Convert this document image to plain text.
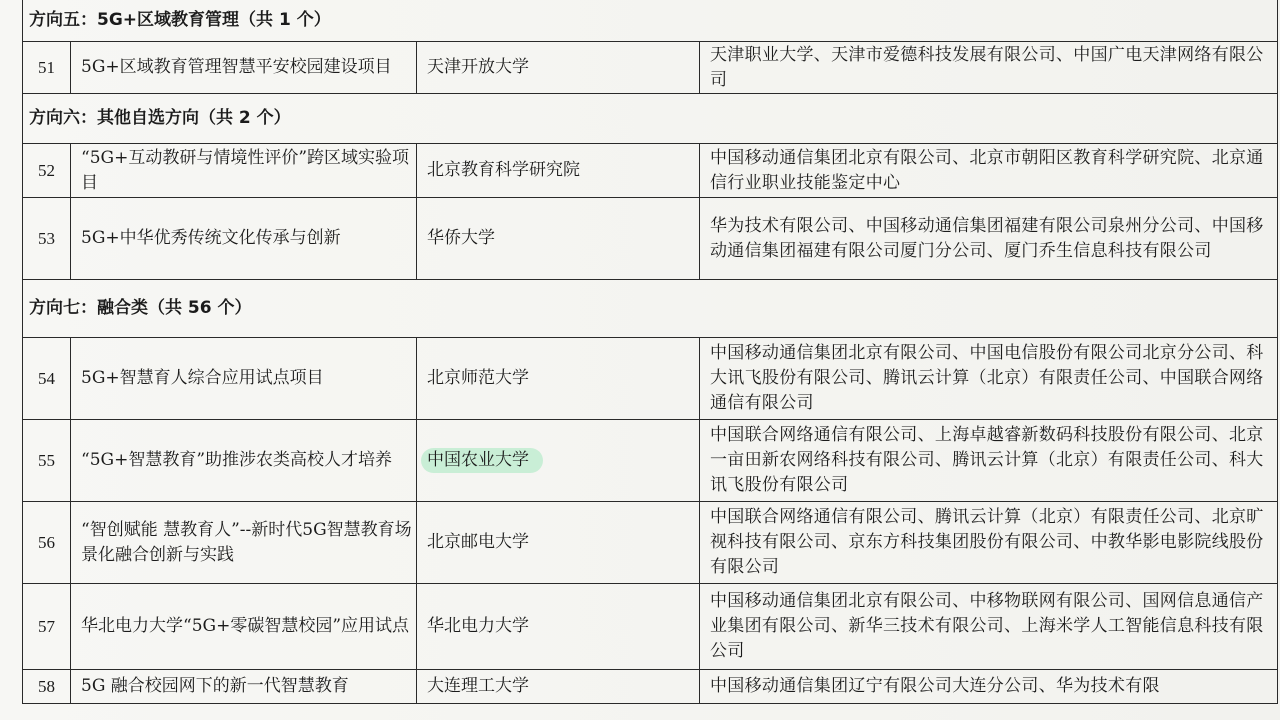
方向五：5G+区域教育管理（共 1 个）			
51	5G+区域教育管理智慧平安校园建设项目	天津开放大学	天津职业大学、天津市爱德科技发展有限公司、中国广电天津网络有限公司
方向六：其他自选方向（共 2 个）			
52	“5G+互动教研与情境性评价”跨区域实验项目	北京教育科学研究院	中国移动通信集团北京有限公司、北京市朝阳区教育科学研究院、北京通信行业职业技能鉴定中心
53	5G+中华优秀传统文化传承与创新	华侨大学	华为技术有限公司、中国移动通信集团福建有限公司泉州分公司、中国移动通信集团福建有限公司厦门分公司、厦门乔生信息科技有限公司
方向七：融合类（共 56 个）			
54	5G+智慧育人综合应用试点项目	北京师范大学	中国移动通信集团北京有限公司、中国电信股份有限公司北京分公司、科大讯飞股份有限公司、腾讯云计算（北京）有限责任公司、中国联合网络通信有限公司
55	“5G+智慧教育”助推涉农类高校人才培养	中国农业大学	中国联合网络通信有限公司、上海卓越睿新数码科技股份有限公司、北京一亩田新农网络科技有限公司、腾讯云计算（北京）有限责任公司、科大讯飞股份有限公司
56	“智创赋能 慧教育人”--新时代5G智慧教育场景化融合创新与实践	北京邮电大学	中国联合网络通信有限公司、腾讯云计算（北京）有限责任公司、北京旷视科技有限公司、京东方科技集团股份有限公司、中教华影电影院线股份有限公司
57	华北电力大学“5G+零碳智慧校园”应用试点	华北电力大学	中国移动通信集团北京有限公司、中移物联网有限公司、国网信息通信产业集团有限公司、新华三技术有限公司、上海米学人工智能信息科技有限公司
58	5G 融合校园网下的新一代智慧教育	大连理工大学	中国移动通信集团辽宁有限公司大连分公司、华为技术有限
